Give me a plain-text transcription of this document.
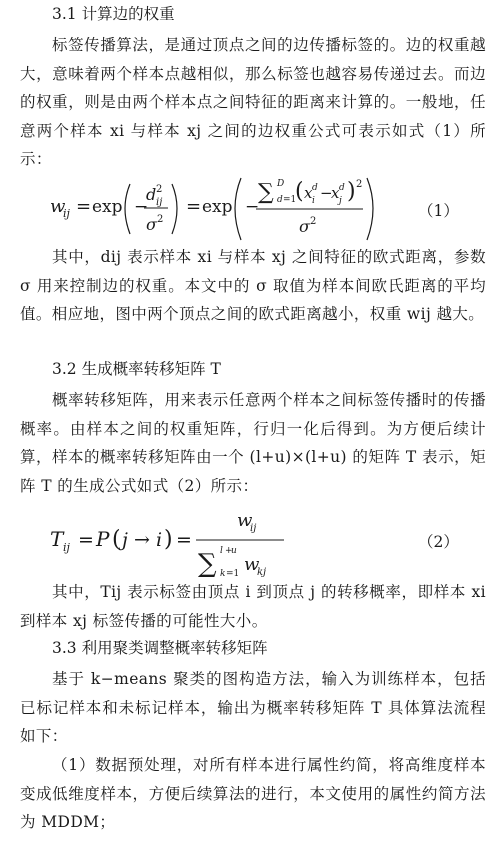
3.1 计算边的权重
标签传播算法，是通过顶点之间的边传播标签的。边的权重越大，意味着两个样本点越相似，那么标签也越容易传递过去。而边的权重，则是由两个样本点之间特征的距离来计算的。一般地，任意两个样本 xi 与样本 xj 之间的边权重公式可表示如式（1）所示：
w
ij = exp −
d 2
ij
σ 2
= exp −
∑ D
d =1
( x d
i −
x d
j ) 2
σ 2
（1）
其中，dij 表示样本 xi 与样本 xj 之间特征的欧式距离，参数 σ 用来控制边的权重。本文中的 σ 取值为样本间欧氏距离的平均值。相应地，图中两个顶点之间的欧式距离越小，权重 wij 越大。
3.2 生成概率转移矩阵 T
概率转移矩阵，用来表示任意两个样本之间标签传播时的传播概率。由样本之间的权重矩阵，行归一化后得到。为方便后续计算，样本的概率转移矩阵由一个 (l+u)×(l+u) 的矩阵 T 表示，矩阵 T 的生成公式如式（2）所示：
T ij = P ( j → i ) =
w
ij
∑ l +
u
k =1 w
kj
（2）
其中，Tij 表示标签由顶点 i 到顶点 j 的转移概率，即样本 xi 到样本 xj 标签传播的可能性大小。
3.3 利用聚类调整概率转移矩阵
基于 k−means 聚类的图构造方法，输入为训练样本，包括已标记样本和未标记样本，输出为概率转移矩阵 T 具体算法流程如下：
（1）数据预处理，对所有样本进行属性约简，将高维度样本变成低维度样本，方便后续算法的进行，本文使用的属性约简方法为 MDDM；
